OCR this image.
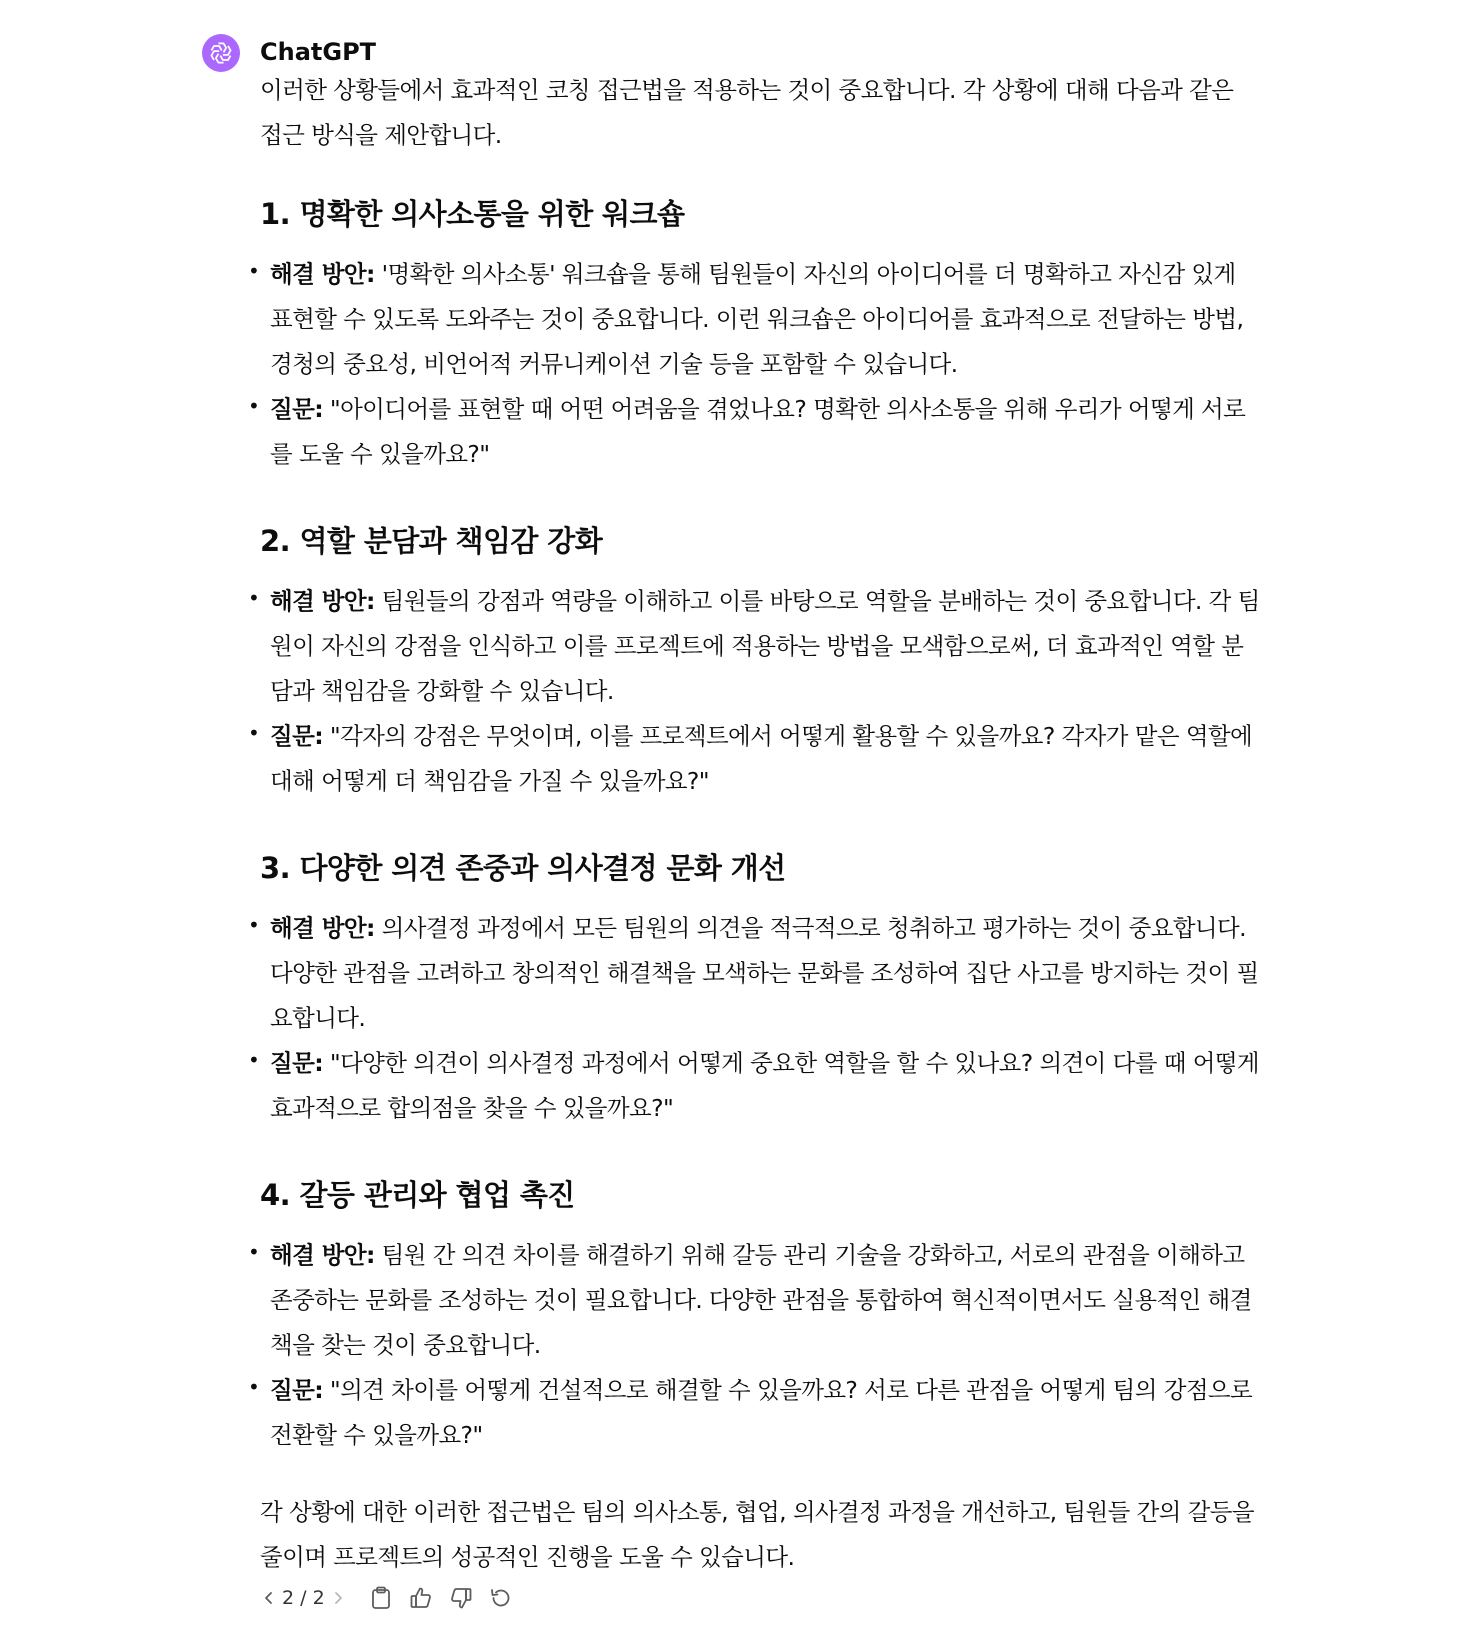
ChatGPT

이러한 상황들에서 효과적인 코칭 접근법을 적용하는 것이 중요합니다. 각 상황에 대해 다음과 같은 접근 방식을 제안합니다.

1. 명확한 의사소통을 위한 워크숍
• 해결 방안: '명확한 의사소통' 워크숍을 통해 팀원들이 자신의 아이디어를 더 명확하고 자신감 있게 표현할 수 있도록 도와주는 것이 중요합니다. 이런 워크숍은 아이디어를 효과적으로 전달하는 방법, 경청의 중요성, 비언어적 커뮤니케이션 기술 등을 포함할 수 있습니다.
• 질문: "아이디어를 표현할 때 어떤 어려움을 겪었나요? 명확한 의사소통을 위해 우리가 어떻게 서로를 도울 수 있을까요?"
2. 역할 분담과 책임감 강화
• 해결 방안: 팀원들의 강점과 역량을 이해하고 이를 바탕으로 역할을 분배하는 것이 중요합니다. 각 팀원이 자신의 강점을 인식하고 이를 프로젝트에 적용하는 방법을 모색함으로써, 더 효과적인 역할 분담과 책임감을 강화할 수 있습니다.
• 질문: "각자의 강점은 무엇이며, 이를 프로젝트에서 어떻게 활용할 수 있을까요? 각자가 맡은 역할에 대해 어떻게 더 책임감을 가질 수 있을까요?"
3. 다양한 의견 존중과 의사결정 문화 개선
• 해결 방안: 의사결정 과정에서 모든 팀원의 의견을 적극적으로 청취하고 평가하는 것이 중요합니다. 다양한 관점을 고려하고 창의적인 해결책을 모색하는 문화를 조성하여 집단 사고를 방지하는 것이 필요합니다.
• 질문: "다양한 의견이 의사결정 과정에서 어떻게 중요한 역할을 할 수 있나요? 의견이 다를 때 어떻게 효과적으로 합의점을 찾을 수 있을까요?"
4. 갈등 관리와 협업 촉진
• 해결 방안: 팀원 간 의견 차이를 해결하기 위해 갈등 관리 기술을 강화하고, 서로의 관점을 이해하고 존중하는 문화를 조성하는 것이 필요합니다. 다양한 관점을 통합하여 혁신적이면서도 실용적인 해결책을 찾는 것이 중요합니다.
• 질문: "의견 차이를 어떻게 건설적으로 해결할 수 있을까요? 서로 다른 관점을 어떻게 팀의 강점으로 전환할 수 있을까요?"

각 상황에 대한 이러한 접근법은 팀의 의사소통, 협업, 의사결정 과정을 개선하고, 팀원들 간의 갈등을 줄이며 프로젝트의 성공적인 진행을 도울 수 있습니다.

2 / 2
